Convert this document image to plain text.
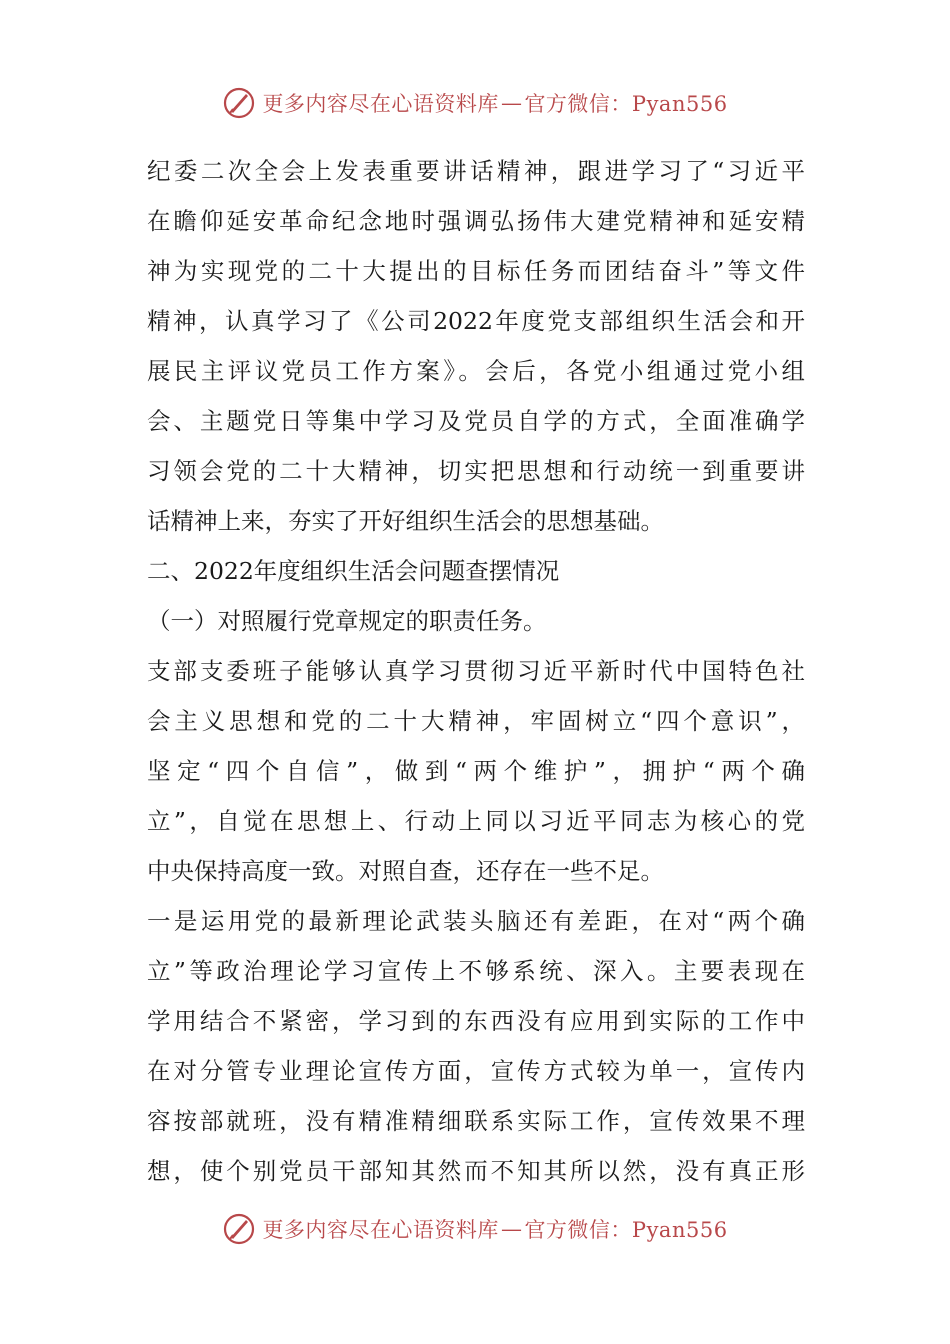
更多内容尽在心语资料库 — 官方微信：Pyan556
纪委二次全会上发表重要讲话精神，跟进学习了“习近平
在瞻仰延安革命纪念地时强调弘扬伟大建党精神和延安精
神为实现党的二十大提出的目标任务而团结奋斗”等文件
精神，认真学习了《公司2022年度党支部组织生活会和开
展民主评议党员工作方案》。会后，各党小组通过党小组
会、主题党日等集中学习及党员自学的方式，全面准确学
习领会党的二十大精神，切实把思想和行动统一到重要讲
话精神上来，夯实了开好组织生活会的思想基础。
二、2022年度组织生活会问题查摆情况
（一）对照履行党章规定的职责任务。
支部支委班子能够认真学习贯彻习近平新时代中国特色社
会主义思想和党的二十大精神，牢固树立“四个意识”，
坚定“四个自信”，做到“两个维护”，拥护“两个确
立”，自觉在思想上、行动上同以习近平同志为核心的党
中央保持高度一致。对照自查，还存在一些不足。
一是运用党的最新理论武装头脑还有差距，在对“两个确
立”等政治理论学习宣传上不够系统、深入。主要表现在
学用结合不紧密，学习到的东西没有应用到实际的工作中
在对分管专业理论宣传方面，宣传方式较为单一，宣传内
容按部就班，没有精准精细联系实际工作，宣传效果不理
想，使个别党员干部知其然而不知其所以然，没有真正形
更多内容尽在心语资料库 — 官方微信：Pyan556
